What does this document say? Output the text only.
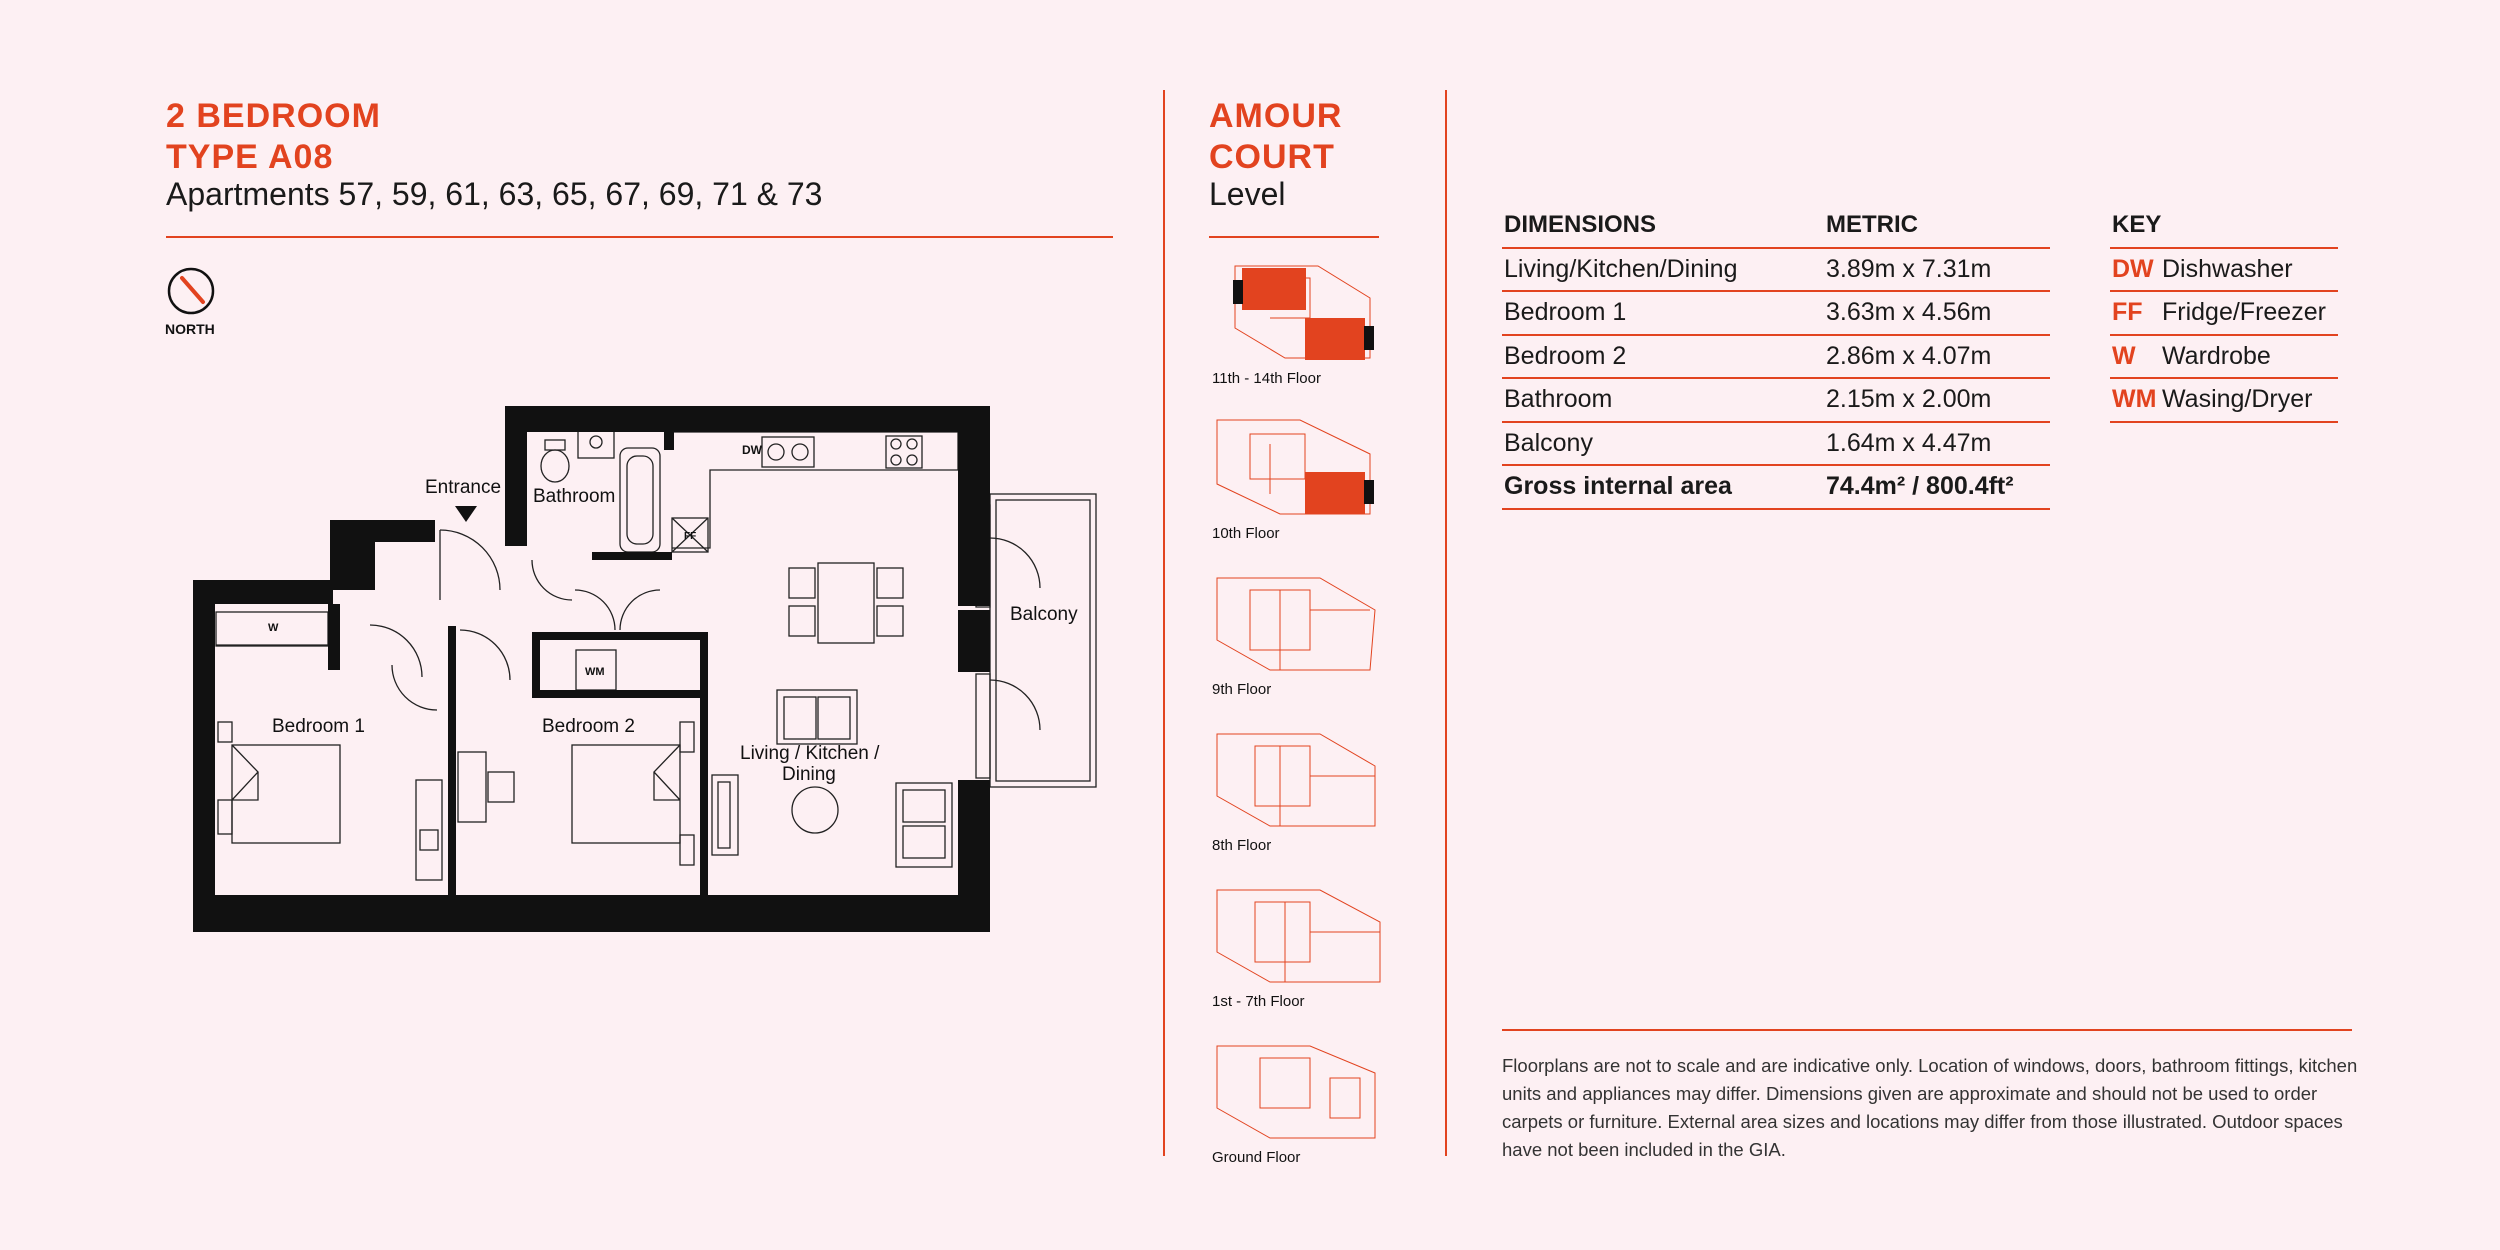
2 BEDROOM
TYPE A08
Apartments 57, 59, 61, 63, 65, 67, 69, 71 & 73
NORTH
Entrance Bathroom
Bedroom 1	Bedroom 2
Living / Kitchen /
Dining
Balcony
DW
FF
W
WM
AMOUR
COURT
Level
11th - 14th Floor
10th Floor
9th Floor
8th Floor
1st - 7th Floor
Ground Floor
DIMENSIONS	METRIC
Living/Kitchen/Dining	3.89m x 7.31m
Bedroom 1	3.63m x 4.56m
Bedroom 2	2.86m x 4.07m
Bathroom	2.15m x 2.00m
Balcony	1.64m x 4.47m
Gross internal area	74.4m² / 800.4ft²
KEY	
DW	Dishwasher
FF	Fridge/Freezer
W	Wardrobe
WM	Wasing/Dryer
Floorplans are not to scale and are indicative only. Location of windows, doors, bathroom fittings, kitchen units and appliances may differ. Dimensions given are approximate and should not be used to order carpets or furniture. External area sizes and locations may differ from those illustrated. Outdoor spaces have not been included in the GIA.
